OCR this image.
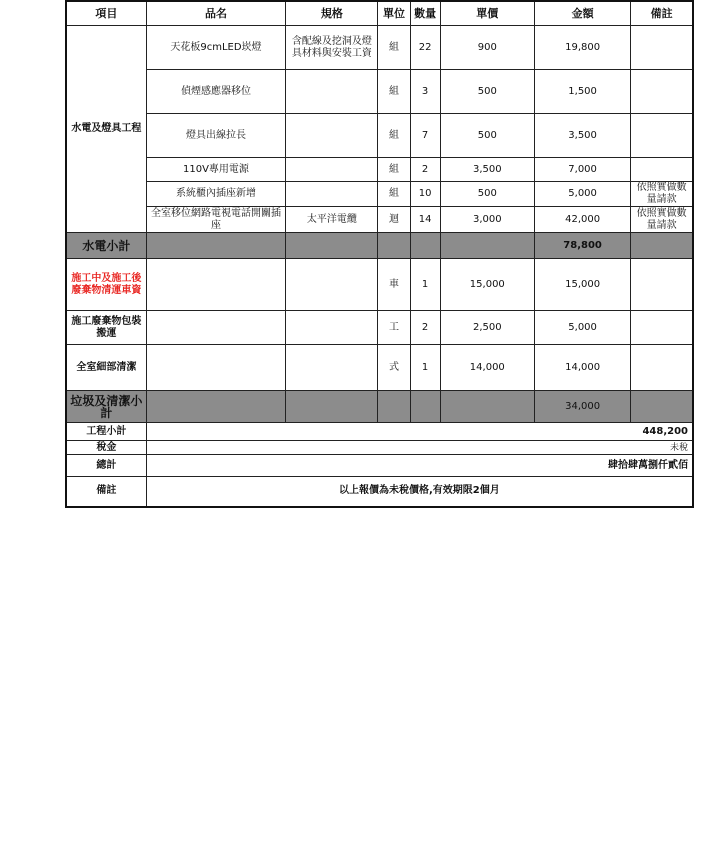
項目	品名	規格	單位	數量	單價	金額	備註
水電及燈具工程	天花板9cmLED崁燈	含配線及挖洞及燈具材料與安裝工資	組	22	900	19,800	
	偵煙感應器移位		組	3	500	1,500	
	燈具出線拉長		組	7	500	3,500	
	110V專用電源		組	2	3,500	7,000	
	系統櫃內插座新增		組	10	500	5,000	依照實做數量請款
	全室移位網路電視電話開關插座	太平洋電纜	迴	14	3,000	42,000	依照實做數量請款
水電小計						78,800	
施工中及施工後廢棄物清運車資			車	1	15,000	15,000	
施工廢棄物包裝搬運			工	2	2,500	5,000	
全室細部清潔			式	1	14,000	14,000	
垃圾及清潔小計						34,000	
工程小計	448,200						
稅金	未稅						
總計	肆拾肆萬捌仟貳佰						
備註	以上報價為未稅價格,有效期限2個月						
